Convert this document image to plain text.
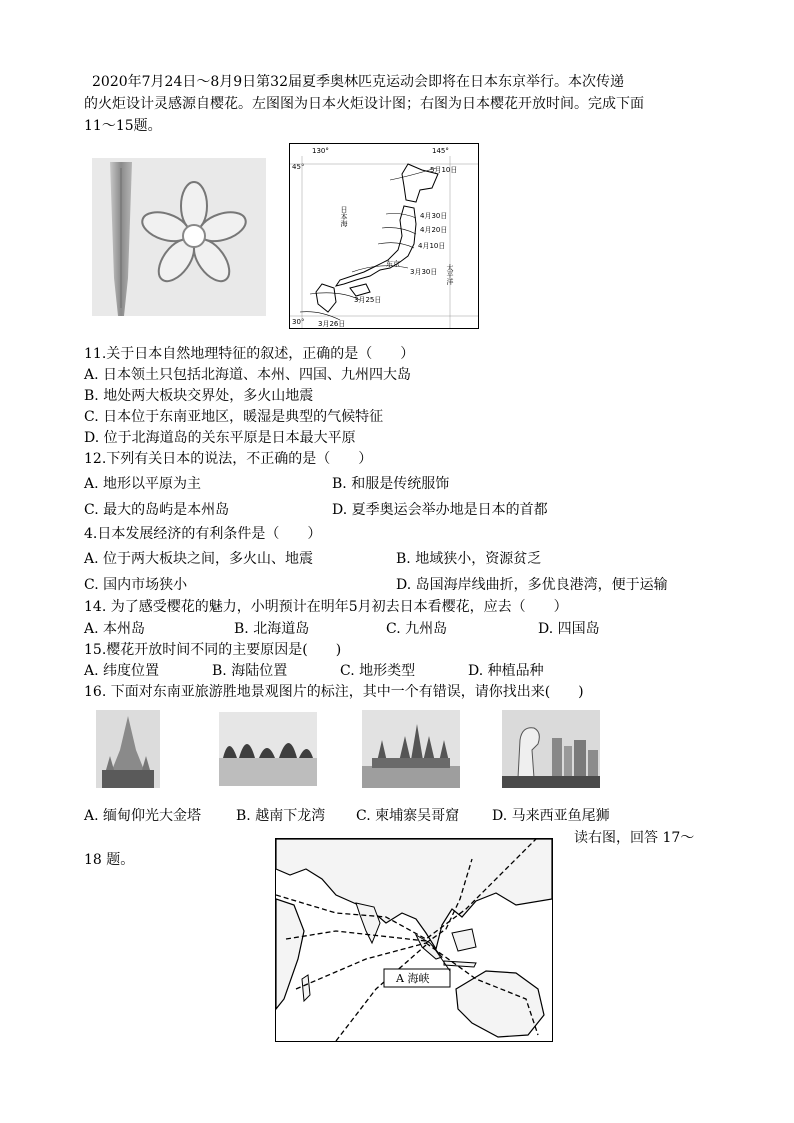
2020年7月24日～8月9日第32届夏季奥林匹克运动会即将在日本东京举行。本次传递
的火炬设计灵感源自樱花。左图图为日本火炬设计图；右图为日本樱花开放时间。完成下面
11～15题。
130°	145°
45°
30°
5月10日
4月30日
4月20日
4月10日
3月30日
3月25日
3月26日
东京
日本海
太平洋
11.关于日本自然地理特征的叙述，正确的是（　　）
A. 日本领土只包括北海道、本州、四国、九州四大岛
B. 地处两大板块交界处，多火山地震
C. 日本位于东南亚地区，暖湿是典型的气候特征
D. 位于北海道岛的关东平原是日本最大平原
12.下列有关日本的说法，不正确的是（　　）
A. 地形以平原为主	B. 和服是传统服饰
C. 最大的岛屿是本州岛	D. 夏季奥运会举办地是日本的首都
4.日本发展经济的有利条件是（　　）
A. 位于两大板块之间，多火山、地震	B. 地域狭小，资源贫乏
C. 国内市场狭小	D. 岛国海岸线曲折，多优良港湾，便于运输
14. 为了感受樱花的魅力，小明预计在明年5月初去日本看樱花，应去（　　）
A. 本州岛	B. 北海道岛	C. 九州岛	D. 四国岛
15.樱花开放时间不同的主要原因是(　　)
A. 纬度位置	B. 海陆位置	C. 地形类型	D. 种植品种
16. 下面对东南亚旅游胜地景观图片的标注，其中一个有错误，请你找出来(　　)
A. 缅甸仰光大金塔 B. 越南下龙湾 C. 柬埔寨吴哥窟 D. 马来西亚鱼尾狮
读右图，回答 17～
18 题。
A 海峡
